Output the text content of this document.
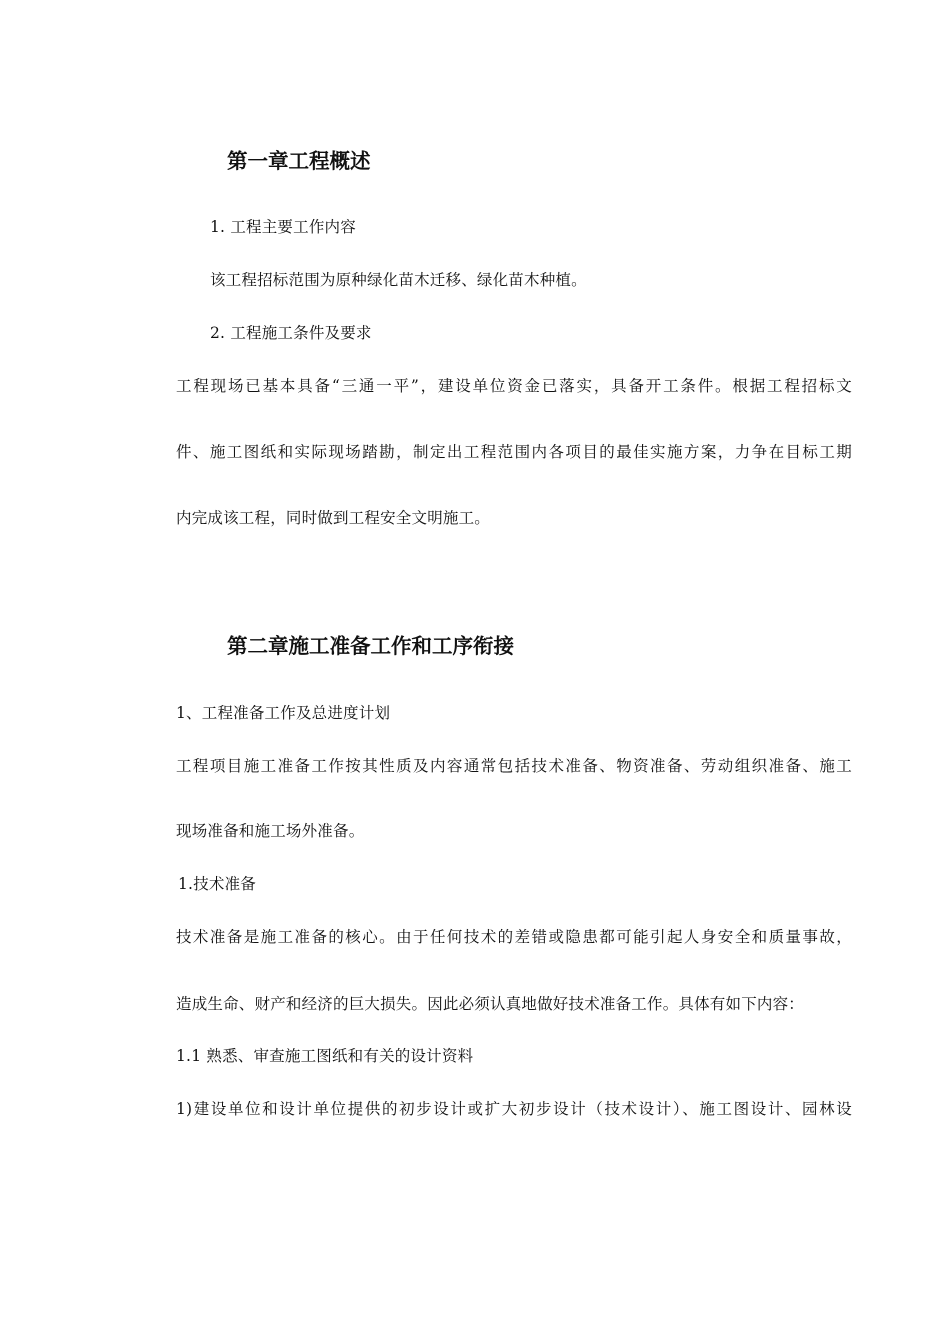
第一章工程概述
1. 工程主要工作内容
该工程招标范围为原种绿化苗木迁移、绿化苗木种植。
2. 工程施工条件及要求
工程现场已基本具备“三通一平”，建设单位资金已落实，具备开工条件。根据工程招标文
件、施工图纸和实际现场踏勘，制定出工程范围内各项目的最佳实施方案，力争在目标工期
内完成该工程，同时做到工程安全文明施工。
第二章施工准备工作和工序衔接
1、工程准备工作及总进度计划
工程项目施工准备工作按其性质及内容通常包括技术准备、物资准备、劳动组织准备、施工
现场准备和施工场外准备。
1.技术准备
技术准备是施工准备的核心。由于任何技术的差错或隐患都可能引起人身安全和质量事故，
造成生命、财产和经济的巨大损失。因此必须认真地做好技术准备工作。具体有如下内容：
1.1 熟悉、审查施工图纸和有关的设计资料
1)建设单位和设计单位提供的初步设计或扩大初步设计（技术设计）、施工图设计、园林设
